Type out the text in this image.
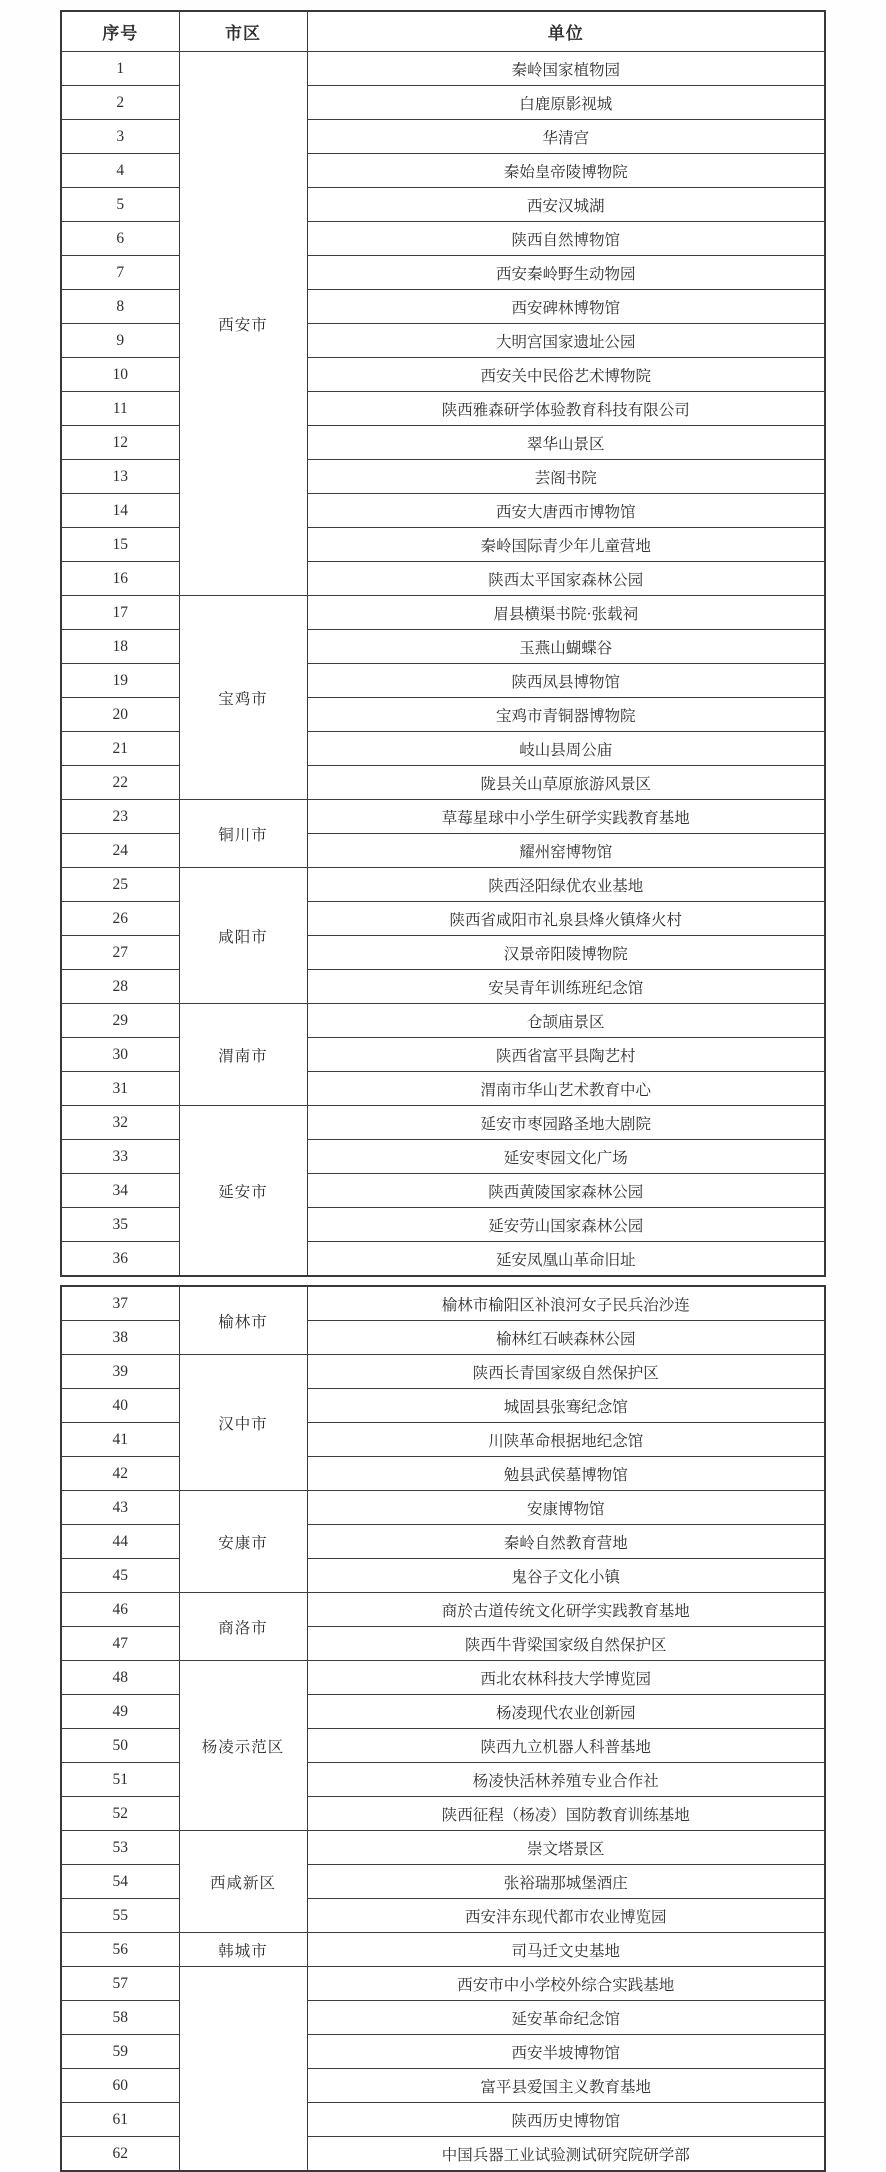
序号	市区	单位
1	西安市	秦岭国家植物园
2		白鹿原影视城
3		华清宫
4		秦始皇帝陵博物院
5		西安汉城湖
6		陕西自然博物馆
7		西安秦岭野生动物园
8		西安碑林博物馆
9		大明宫国家遗址公园
10		西安关中民俗艺术博物院
11		陕西雅森研学体验教育科技有限公司
12		翠华山景区
13		芸阁书院
14		西安大唐西市博物馆
15		秦岭国际青少年儿童营地
16		陕西太平国家森林公园
17	宝鸡市	眉县横渠书院·张载祠
18		玉燕山蝴蝶谷
19		陕西凤县博物馆
20		宝鸡市青铜器博物院
21		岐山县周公庙
22		陇县关山草原旅游风景区
23	铜川市	草莓星球中小学生研学实践教育基地
24		耀州窑博物馆
25	咸阳市	陕西泾阳绿优农业基地
26		陕西省咸阳市礼泉县烽火镇烽火村
27		汉景帝阳陵博物院
28		安吴青年训练班纪念馆
29	渭南市	仓颉庙景区
30		陕西省富平县陶艺村
31		渭南市华山艺术教育中心
32	延安市	延安市枣园路圣地大剧院
33		延安枣园文化广场
34		陕西黄陵国家森林公园
35		延安劳山国家森林公园
36		延安凤凰山革命旧址
37	榆林市	榆林市榆阳区补浪河女子民兵治沙连
38		榆林红石峡森林公园
39	汉中市	陕西长青国家级自然保护区
40		城固县张骞纪念馆
41		川陕革命根据地纪念馆
42		勉县武侯墓博物馆
43	安康市	安康博物馆
44		秦岭自然教育营地
45		鬼谷子文化小镇
46	商洛市	商於古道传统文化研学实践教育基地
47		陕西牛背梁国家级自然保护区
48	杨凌示范区	西北农林科技大学博览园
49		杨凌现代农业创新园
50		陕西九立机器人科普基地
51		杨凌快活林养殖专业合作社
52		陕西征程（杨凌）国防教育训练基地
53	西咸新区	崇文塔景区
54		张裕瑞那城堡酒庄
55		西安沣东现代都市农业博览园
56	韩城市	司马迁文史基地
57		西安市中小学校外综合实践基地
58		延安革命纪念馆
59		西安半坡博物馆
60		富平县爱国主义教育基地
61		陕西历史博物馆
62		中国兵器工业试验测试研究院研学部
